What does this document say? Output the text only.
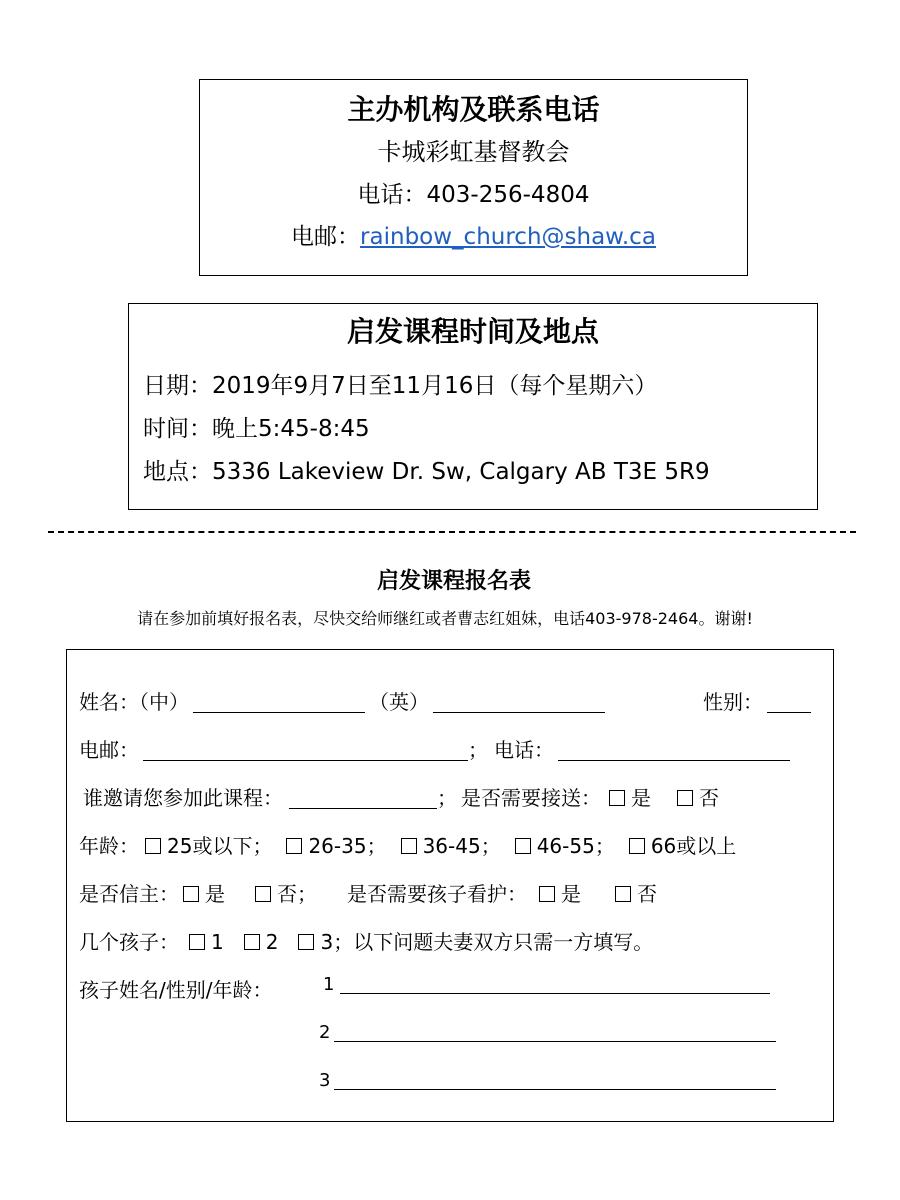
主办机构及联系电话
卡城彩虹基督教会
电话：403-256-4804
电邮：rainbow_church@shaw.ca
启发课程时间及地点
日期：2019年9月7日至11月16日（每个星期六）
时间：晚上5:45-8:45
地点：5336 Lakeview Dr. Sw, Calgary AB T3E 5R9
启发课程报名表
请在参加前填好报名表，尽快交给师继红或者曹志红姐妹，电话403-978-2464。谢谢!
姓名：（中）	（英）	性别：
电邮：	； 电话：
谁邀请您参加此课程：	； 是否需要接送： 是 否
年龄： 25或以下； 26-35； 36-45； 46-55； 66或以上
是否信主： 是	否； 是否需要孩子看护： 是	否
几个孩子： 1 2 3；以下问题夫妻双方只需一方填写。
孩子姓名/性别/年龄：	1
2
3
